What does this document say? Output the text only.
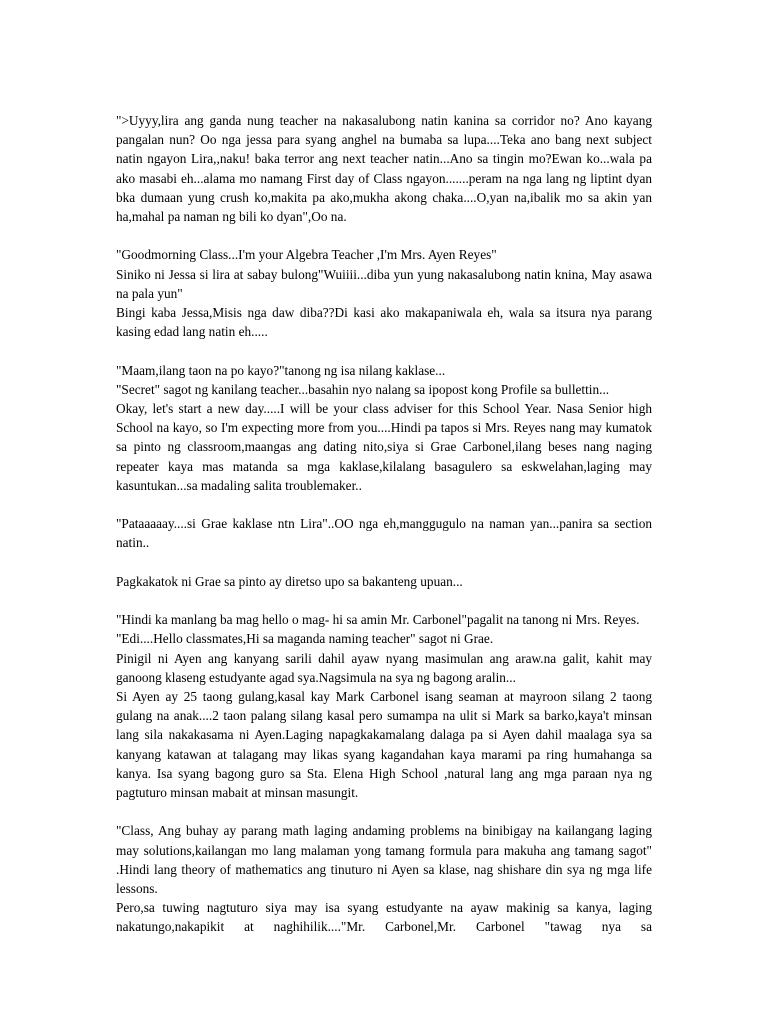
">Uyyy,lira ang ganda nung teacher na nakasalubong natin kanina sa corridor no? Ano kayang pangalan nun? Oo nga jessa para syang anghel na bumaba sa lupa....Teka ano bang next subject natin ngayon Lira,,naku! baka terror ang next teacher natin...Ano sa tingin mo?Ewan ko...wala pa ako masabi eh...alama mo namang First day of Class ngayon.......peram na nga lang ng liptint dyan bka dumaan yung crush ko,makita pa ako,mukha akong chaka....O,yan na,ibalik mo sa akin yan ha,mahal pa naman ng bili ko dyan",Oo na.

"Goodmorning Class...I'm your Algebra Teacher ,I'm Mrs. Ayen Reyes"

Siniko ni Jessa si lira at sabay bulong"Wuiiii...diba yun yung nakasalubong natin knina, May asawa na pala yun"

Bingi kaba Jessa,Misis nga daw diba??Di kasi ako makapaniwala eh, wala sa itsura nya parang kasing edad lang natin eh.....

"Maam,ilang taon na po kayo?"tanong ng isa nilang kaklase...

"Secret" sagot ng kanilang teacher...basahin nyo nalang sa ipopost kong Profile sa bullettin...

Okay, let's start a new day.....I will be your class adviser for this School Year. Nasa Senior high School na kayo, so I'm expecting more from you....Hindi pa tapos si Mrs. Reyes nang may kumatok sa pinto ng classroom,maangas ang dating nito,siya si Grae Carbonel,ilang beses nang naging repeater kaya mas matanda sa mga kaklase,kilalang basagulero sa eskwelahan,laging may kasuntukan...sa madaling salita troublemaker..

"Pataaaaay....si Grae kaklase ntn Lira"..OO nga eh,manggugulo na naman yan...panira sa section natin..

Pagkakatok ni Grae sa pinto ay diretso upo sa bakanteng upuan...

"Hindi ka manlang ba mag hello o mag- hi sa amin Mr. Carbonel"pagalit na tanong ni Mrs. Reyes.

"Edi....Hello classmates,Hi sa maganda naming teacher" sagot ni Grae.

Pinigil ni Ayen ang kanyang sarili dahil ayaw nyang masimulan ang araw.na galit, kahit may ganoong klaseng estudyante agad sya.Nagsimula na sya ng bagong aralin...

Si Ayen ay 25 taong gulang,kasal kay Mark Carbonel isang seaman at mayroon silang 2 taong gulang na anak....2 taon palang silang kasal pero sumampa na ulit si Mark sa barko,kaya't minsan lang sila nakakasama ni Ayen.Laging napagkakamalang dalaga pa si Ayen dahil maalaga sya sa kanyang katawan at talagang may likas syang kagandahan kaya marami pa ring humahanga sa kanya. Isa syang bagong guro sa Sta. Elena High School ,natural lang ang mga paraan nya ng pagtuturo minsan mabait at minsan masungit.

"Class, Ang buhay ay parang math laging andaming problems na binibigay na kailangang laging may solutions,kailangan mo lang malaman yong tamang formula para makuha ang tamang sagot" .Hindi lang theory of mathematics ang tinuturo ni Ayen sa klase, nag shishare din sya ng mga life lessons.

Pero,sa tuwing nagtuturo siya may isa syang estudyante na ayaw makinig sa kanya, laging nakatungo,nakapikit at naghihilik...."Mr. Carbonel,Mr. Carbonel "tawag nya sa
